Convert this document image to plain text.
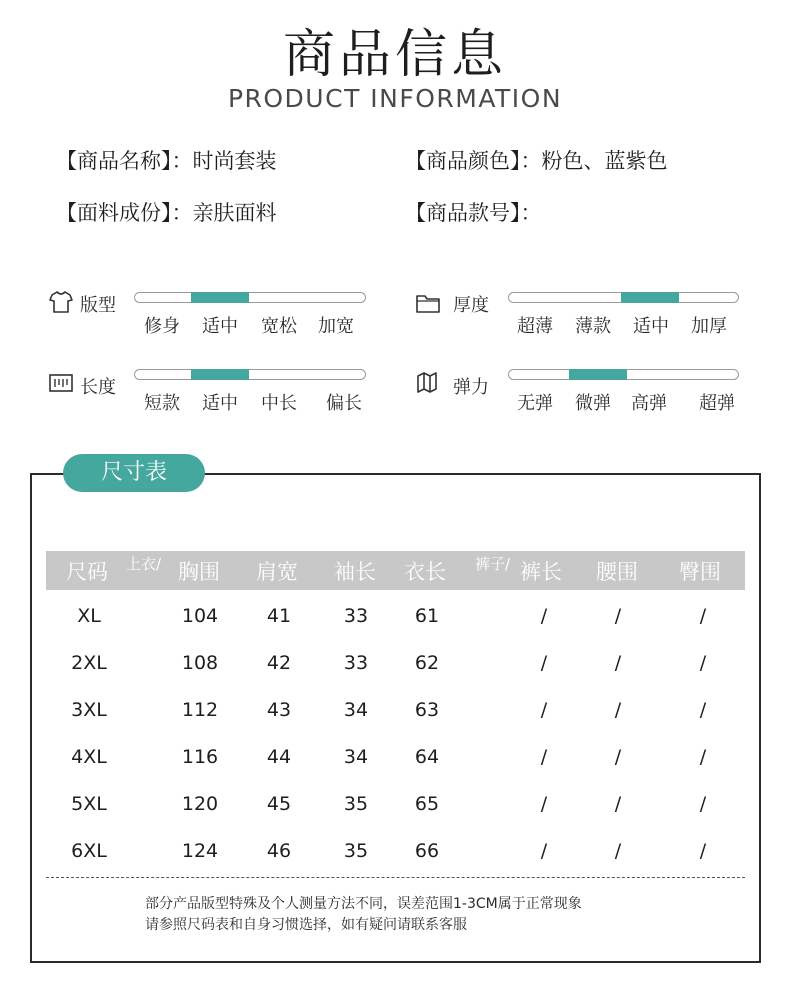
商品信息
PRODUCT INFORMATION
【商品名称】：时尚套装	【商品颜色】：粉色、蓝紫色
【面料成份】：亲肤面料	【商品款号】：
版型
修身	适中	宽松	加宽
厚度
超薄	薄款	适中	加厚
长度
短款	适中	中长	偏长
弹力
无弹	微弹	高弹	超弹
尺寸表
尺码 上衣/ 胸围 肩宽 袖长 衣长 裤子/ 裤长 腰围 臀围
XL	104	41	33	61	/	/	/
2XL	108	42	33	62	/	/	/
3XL	112	43	34	63	/	/	/
4XL	116	44	34	64	/	/	/
5XL	120	45	35	65	/	/	/
6XL	124	46	35	66	/	/	/
部分产品版型特殊及个人测量方法不同，误差范围1-3CM属于正常现象
请参照尺码表和自身习惯选择，如有疑问请联系客服
